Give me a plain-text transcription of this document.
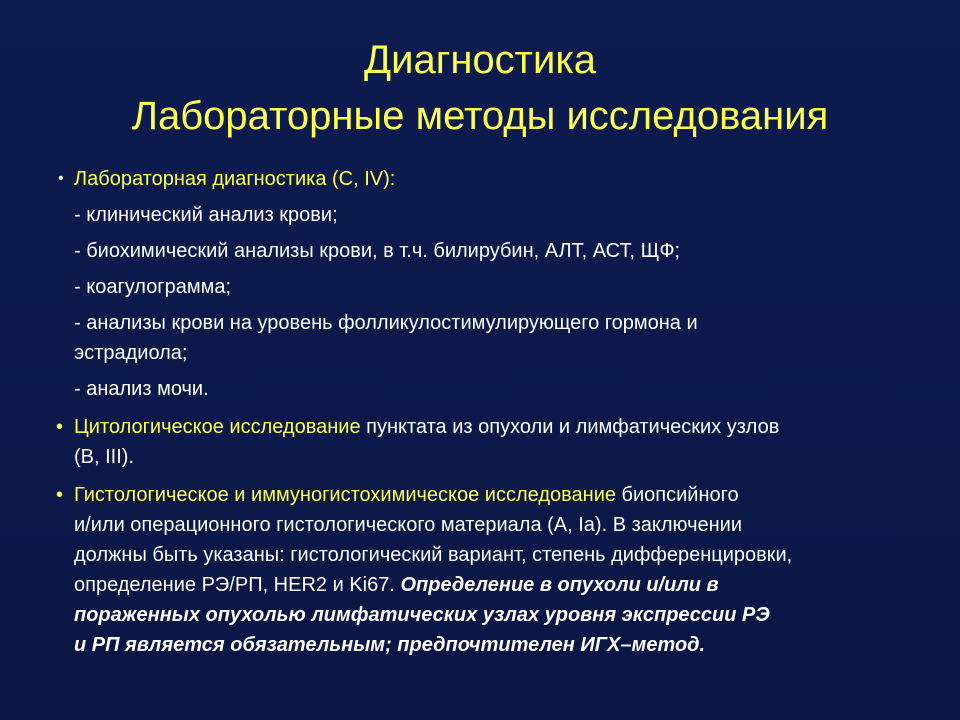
Диагностика
Лабораторные методы исследования
• Лабораторная диагностика (C, IV):
- клинический анализ крови;
- биохимический анализы крови, в т.ч. билирубин, АЛТ, АСТ, ЩФ;
- коагулограмма;
- анализы крови на уровень фолликулостимулирующего гормона и
эстрадиола;
- анализ мочи.
• Цитологическое исследование пунктата из опухоли и лимфатических узлов
(B, III).
• Гистологическое и иммуногистохимическое исследование биопсийного
и/или операционного гистологического материала (A, Ia). В заключении
должны быть указаны: гистологический вариант, степень дифференцировки,
определение РЭ/РП, HER2 и Ki67. Определение в опухоли и/или в
пораженных опухолью лимфатических узлах уровня экспрессии РЭ
и РП является обязательным; предпочтителен ИГХ–метод.
